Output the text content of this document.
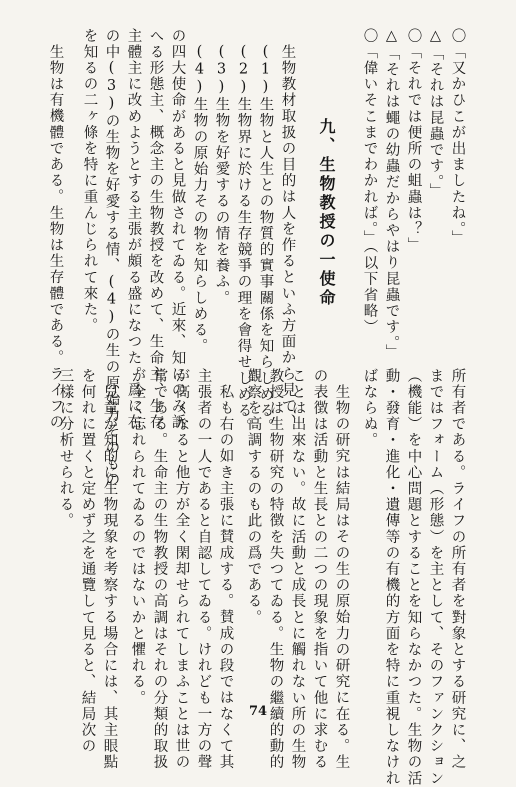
〇「又かひこが出ましたね。」
△「それは昆蟲です。」
〇「それでは便所の蛆蟲は？」
△「それは蠅の幼蟲だからやはり昆蟲です。」
〇「偉いそこまでわかれば。」（以下省略）
九、生物教授の一使命
生物教材取扱の目的は人を作るといふ方面から見て、
(1)生物と人生との物質的實事關係を知らしめる。
(2)生物界に於ける生存競爭の理を會得せしめる。
(3)生物を好愛するの情を養ふ。
(4)生物の原始力その物を知らしめる。
の四大使命があると見做されてゐる。近來、知にのみ訴
へる形態主、概念主の生物教授を改めて、生命主、生存
主體主に改めようとする主張が頗る盛になつた。爲に右
の中(3)の生物を好愛する情、(4)の生の原始力そのもの
を知るの二ヶ條を特に重んじられて來た。
生物は有機體である。生物は生存體である。ライフの
所有者である。ライフの所有者を對象とする研究に、之
まではフォーム（形態）を主として、そのファンクション
（機能）を中心問題とすることを知らなかつた。生物の活
動・發育・進化・遺傳等の有機的方面を特に重視しなけれ
ばならぬ。
生物の研究は結局はその生の原始力の研究に在る。生
の表徴は活動と生長との二つの現象を指いて他に求むる
ことは出來ない。故に活動と成長とに觸れない所の生物
教授は生物研究の特徴を失つてゐる。生物の繼續的動的
觀察を高調するのも此の爲である。
私も右の如き主張に賛成する。賛成の段ではなくて其
主張者の一人であると自認してゐる。けれども一方の聲
が高くなると他方が全く閑却せられてしまふことは世の
常である。生命主の生物教授の高調はそれの分類的取扱
が全く忘れられてゐるのではないかと懼れる。
兒童が知的に生物現象を考察する場合には、其主眼點
を何れに置くと定めず之を通覽して見ると、結局次の
三樣に分析せられる。
74
